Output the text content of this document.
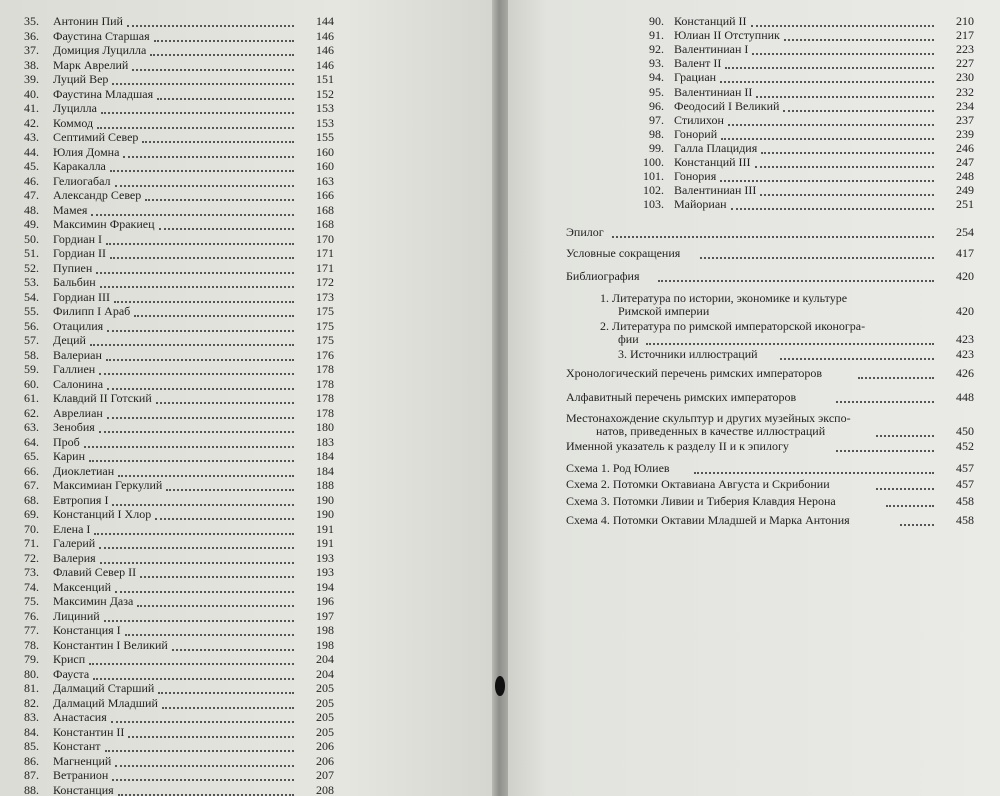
35.	Антонин Пий	144
36.	Фаустина Старшая	146
37.	Домиция Луцилла	146
38.	Марк Аврелий	146
39.	Луций Вер	151
40.	Фаустина Младшая	152
41.	Луцилла	153
42.	Коммод	153
43.	Септимий Север	155
44.	Юлия Домна	160
45.	Каракалла	160
46.	Гелиогабал	163
47.	Александр Север	166
48.	Мамея	168
49.	Максимин Фракиец	168
50.	Гордиан I	170
51.	Гордиан II	171
52.	Пупиен	171
53.	Бальбин	172
54.	Гордиан III	173
55.	Филипп I Араб	175
56.	Отацилия	175
57.	Деций	175
58.	Валериан	176
59.	Галлиен	178
60.	Салонина	178
61.	Клавдий II Готский	178
62.	Аврелиан	178
63.	Зенобия	180
64.	Проб	183
65.	Карин	184
66.	Диоклетиан	184
67.	Максимиан Геркулий	188
68.	Евтропия I	190
69.	Констанций I Хлор	190
70.	Елена I	191
71.	Галерий	191
72.	Валерия	193
73.	Флавий Север II	193
74.	Максенций	194
75.	Максимин Даза	196
76.	Лициний	197
77.	Констанция I	198
78.	Константин I Великий	198
79.	Крисп	204
80.	Фауста	204
81.	Далмаций Старший	205
82.	Далмаций Младший	205
83.	Анастасия	205
84.	Константин II	205
85.	Констант	206
86.	Магненций	206
87.	Ветранион	207
88.	Констанция	208
90. Констанций II	210
91. Юлиан II Отступник	217
92. Валентиниан I	223
93. Валент II	227
94. Грациан	230
95. Валентиниан II	232
96. Феодосий I Великий	234
97. Стилихон	237
98. Гонорий	239
99. Галла Плацидия	246
100. Констанций III	247
101. Гонория	248
102. Валентиниан III	249
103. Майориан	251
Эпилог	254
Условные сокращения	417
Библиография	420
Хронологический перечень римских императоров	426
Алфавитный перечень римских императоров	448
Именной указатель к разделу II и к эпилогу	452
Схема 1. Род Юлиев	457
Схема 2. Потомки Октавиана Августа и Скрибонии	457
Схема 3. Потомки Ливии и Тиберия Клавдия Нерона	458
Схема 4. Потомки Октавии Младшей и Марка Антония	458
1. Литература по истории, экономике и культуре
Римской империи	420
2. Литература по римской императорской иконогра-
фии	423
3. Источники иллюстраций	423
Местонахождение скульптур и других музейных экспо-
натов, приведенных в качестве иллюстраций	450
